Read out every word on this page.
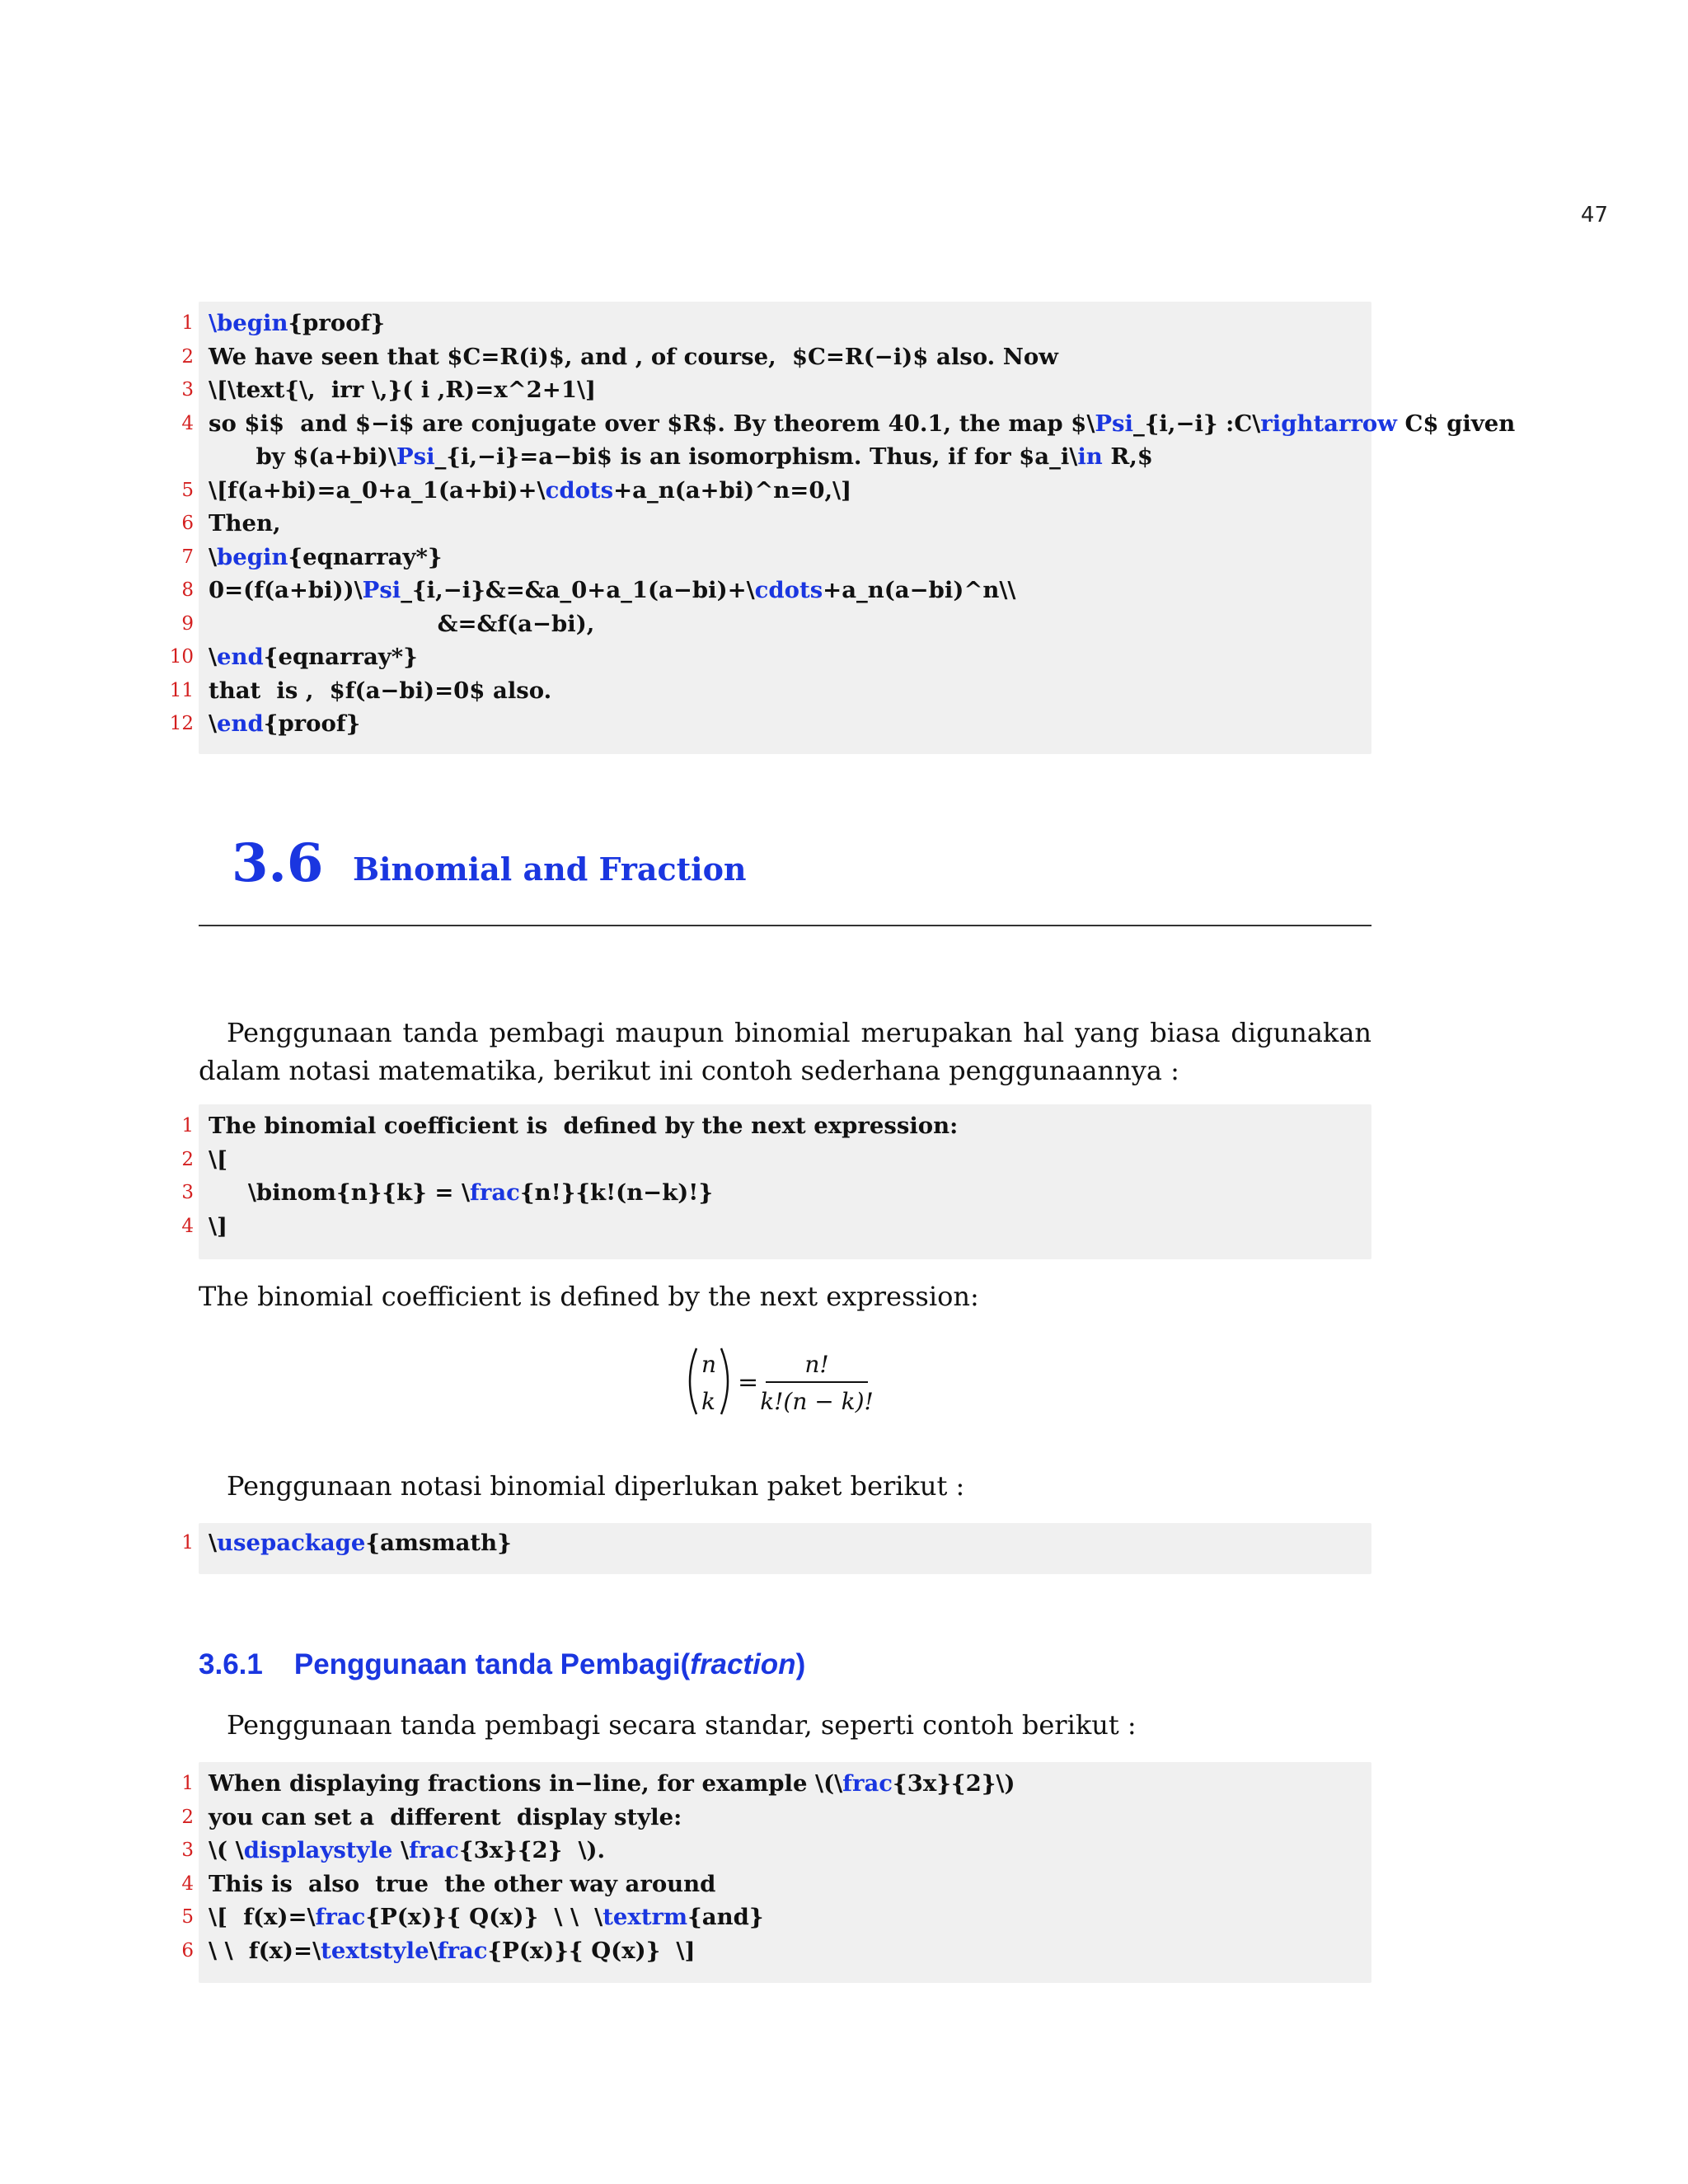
47
1 \begin{proof}
2 We have seen that $C=R(i)$, and , of course,  $C=R(−i)$ also. Now
3 \[\text{\,  irr \,}( i ,R)=x^2+1\]
4 so $i$  and $−i$ are conjugate over $R$. By theorem 40.1, the map $\Psi_{i,−i} :C\rightarrow C$ given
by $(a+bi)\Psi_{i,−i}=a−bi$ is an isomorphism. Thus, if for $a_i\in R,$
5 \[f(a+bi)=a_0+a_1(a+bi)+\cdots+a_n(a+bi)^n=0,\]
6 Then,
7 \begin{eqnarray*}
8 0=(f(a+bi))\Psi_{i,−i}&=&a_0+a_1(a−bi)+\cdots+a_n(a−bi)^n\\
9 &=&f(a−bi),
10 \end{eqnarray*}
11 that  is ,  $f(a−bi)=0$ also.
12 \end{proof}
3.6 Binomial and Fraction
Penggunaan tanda pembagi maupun binomial merupakan hal yang biasa digunakan dalam notasi matematika, berikut ini contoh sederhana penggunaannya :
1 The binomial coefficient is  defined by the next expression:
2 \[
3 \binom{n}{k} = \frac{n!}{k!(n−k)!}
4 \]
The binomial coefficient is defined by the next expression:
n
k
=
n!
k!(n − k)!
Penggunaan notasi binomial diperlukan paket berikut :
1 \usepackage{amsmath}
3.6.1 Penggunaan tanda Pembagi(fraction)
Penggunaan tanda pembagi secara standar, seperti contoh berikut :
1 When displaying fractions in−line, for example \(\frac{3x}{2}\)
2 you can set a  different  display style:
3 \( \displaystyle \frac{3x}{2}  \).
4 This is  also  true  the other way around
5 \[  f(x)=\frac{P(x)}{ Q(x)}  \ \  \textrm{and}
6 \ \  f(x)=\textstyle\frac{P(x)}{ Q(x)}  \]
